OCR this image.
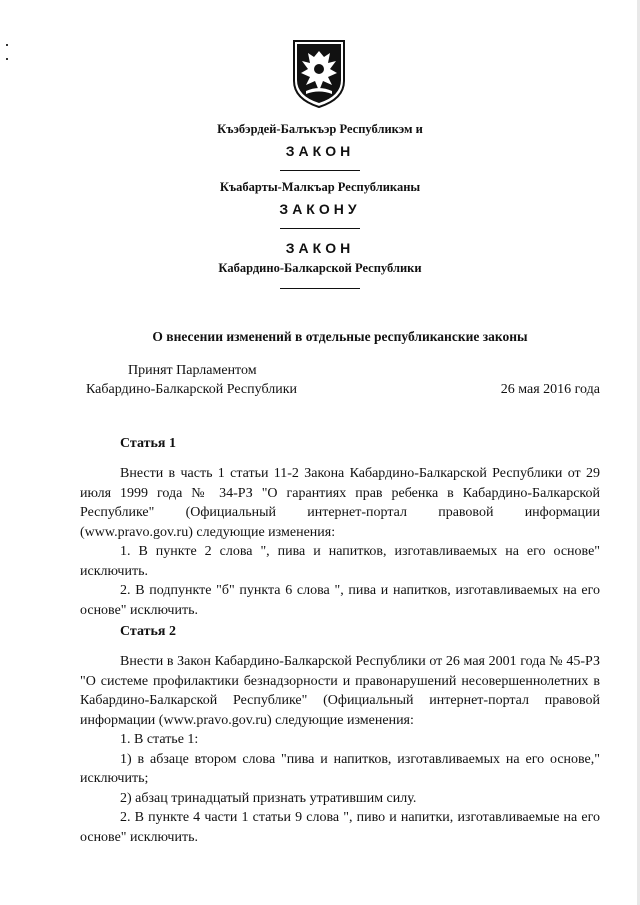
Къэбэрдей-Балъкъэр Республикэм и
ЗАКОН
Къабарты-Малкъар Республиканы
ЗАКОНУ
ЗАКОН
Кабардино-Балкарской Республики
О внесении изменений в отдельные республиканские законы
Принят Парламентом
Кабардино-Балкарской Республики	26 мая 2016 года
Статья 1

Внести в часть 1 статьи 11-2 Закона Кабардино-Балкарской Республики от 29 июля 1999 года № 34-РЗ "О гарантиях прав ребенка в Кабардино-Балкарской Республике" (Официальный интернет-портал правовой информации (www.pravo.gov.ru) следующие изменения:

1. В пункте 2 слова ", пива и напитков, изготавливаемых на его основе" исключить.

2. В подпункте "б" пункта 6 слова ", пива и напитков, изготавливаемых на его основе" исключить.

Статья 2

Внести в Закон Кабардино-Балкарской Республики от 26 мая 2001 года № 45-РЗ "О системе профилактики безнадзорности и правонарушений несовершеннолетних в Кабардино-Балкарской Республике" (Официальный интернет-портал правовой информации (www.pravo.gov.ru) следующие изменения:

1. В статье 1:

1) в абзаце втором слова "пива и напитков, изготавливаемых на его основе," исключить;

2) абзац тринадцатый признать утратившим силу.

2. В пункте 4 части 1 статьи 9 слова ", пиво и напитки, изготавливаемые на его основе" исключить.
